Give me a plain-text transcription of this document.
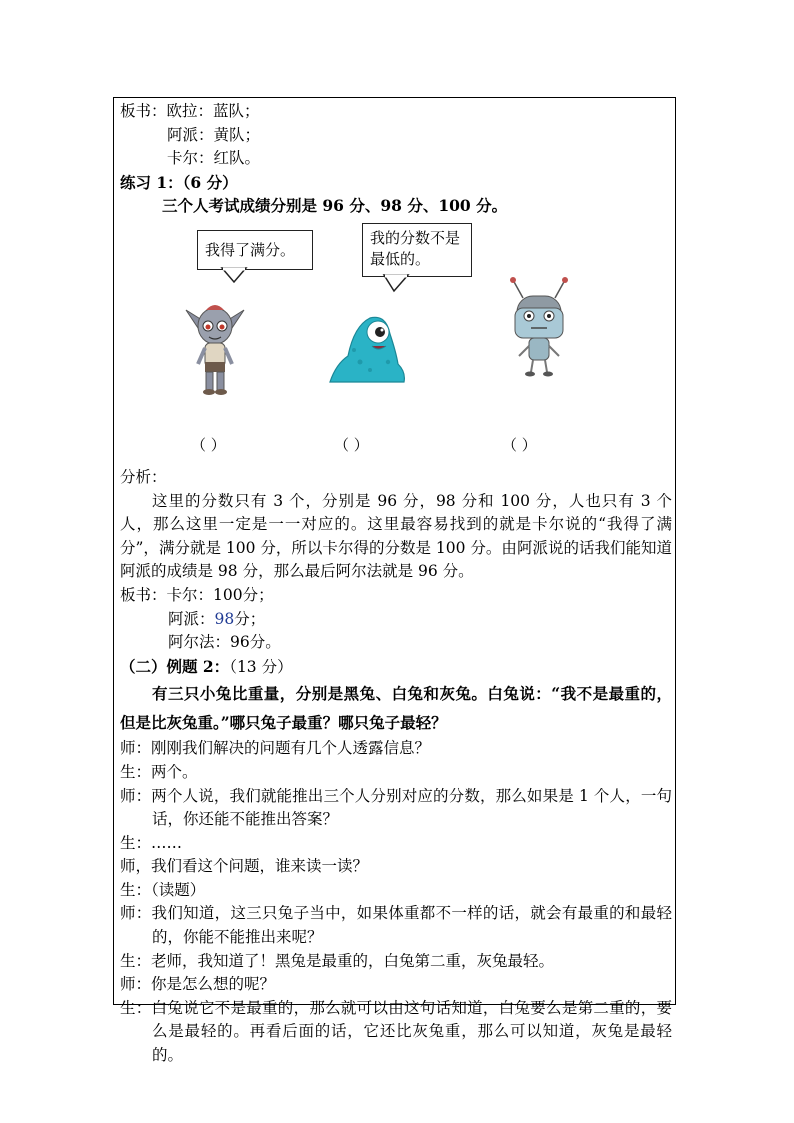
板书：欧拉：蓝队；
阿派：黄队；
卡尔：红队。
练习 1：（6 分）
三个人考试成绩分别是 96 分、98 分、100 分。
我得了满分。
我的分数不是
最低的。
（ ）	（ ）	（ ）
分析：
这里的分数只有 3 个，分别是 96 分，98 分和 100 分，人也只有 3 个人，那么这里一定是一一对应的。这里最容易找到的就是卡尔说的“我得了满分”，满分就是 100 分，所以卡尔得的分数是 100 分。由阿派说的话我们能知道阿派的成绩是 98 分，那么最后阿尔法就是 96 分。
板书：卡尔：100分；
阿派：98分；
阿尔法：96分。
（二）例题 2：（13 分）
有三只小兔比重量，分别是黑兔、白兔和灰兔。白兔说：“我不是最重的，但是比灰兔重。”哪只兔子最重？哪只兔子最轻？
师：刚刚我们解决的问题有几个人透露信息？
生：两个。
师：两个人说，我们就能推出三个人分别对应的分数，那么如果是 1 个人，一句话，你还能不能推出答案？
生：……
师，我们看这个问题，谁来读一读？
生：（读题）
师：我们知道，这三只兔子当中，如果体重都不一样的话，就会有最重的和最轻的，你能不能推出来呢？
生：老师，我知道了！黑兔是最重的，白兔第二重，灰兔最轻。
师：你是怎么想的呢？
生：白兔说它不是最重的，那么就可以由这句话知道，白兔要么是第二重的，要么是最轻的。再看后面的话，它还比灰兔重，那么可以知道，灰兔是最轻的。
